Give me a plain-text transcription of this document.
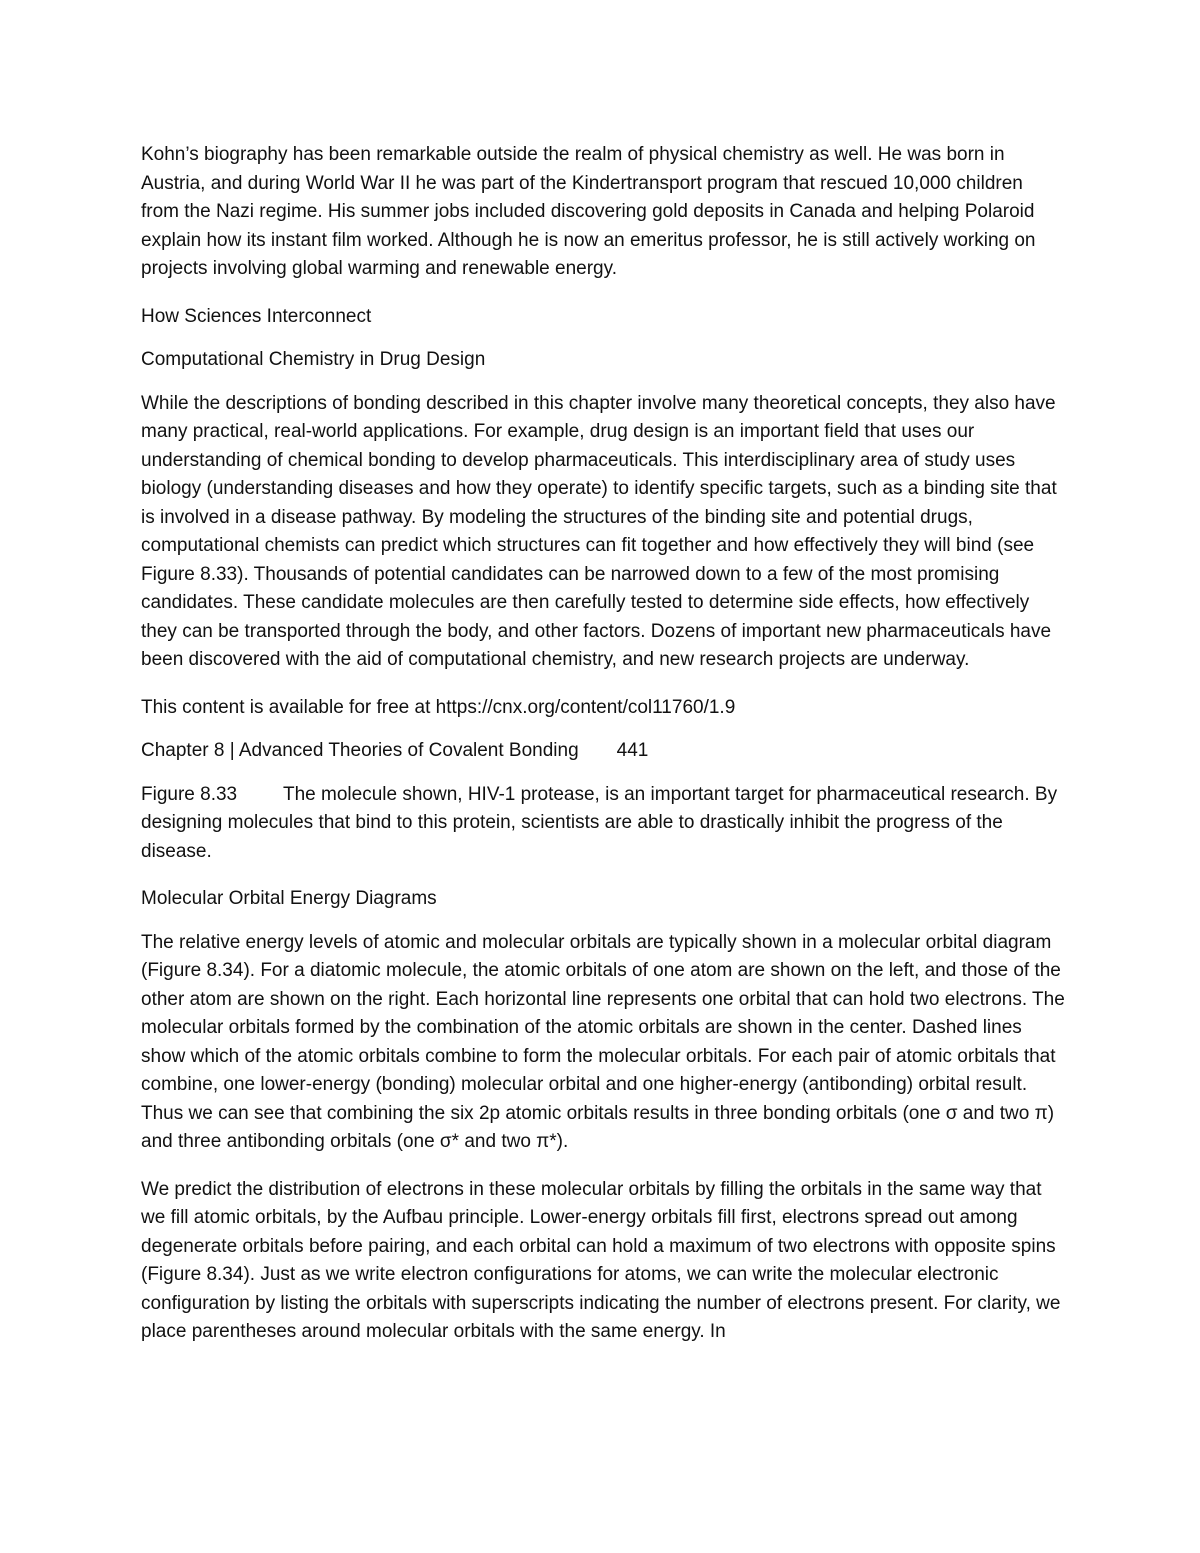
Kohn’s biography has been remarkable outside the realm of physical chemistry as well. He was born in Austria, and during World War II he was part of the Kindertransport program that rescued 10,000 children from the Nazi regime. His summer jobs included discovering gold deposits in Canada and helping Polaroid explain how its instant film worked. Although he is now an emeritus professor, he is still actively working on projects involving global warming and renewable energy.

How Sciences Interconnect

Computational Chemistry in Drug Design

While the descriptions of bonding described in this chapter involve many theoretical concepts, they also have many practical, real-world applications. For example, drug design is an important field that uses our understanding of chemical bonding to develop pharmaceuticals. This interdisciplinary area of study uses biology (understanding diseases and how they operate) to identify specific targets, such as a binding site that is involved in a disease pathway. By modeling the structures of the binding site and potential drugs, computational chemists can predict which structures can fit together and how effectively they will bind (see Figure 8.33). Thousands of potential candidates can be narrowed down to a few of the most promising candidates. These candidate molecules are then carefully tested to determine side effects, how effectively they can be transported through the body, and other factors. Dozens of important new pharmaceuticals have been discovered with the aid of computational chemistry, and new research projects are underway.

This content is available for free at https://cnx.org/content/col11760/1.9

Chapter 8 | Advanced Theories of Covalent Bonding 441

Figure 8.33 The molecule shown, HIV-1 protease, is an important target for pharmaceutical research. By designing molecules that bind to this protein, scientists are able to drastically inhibit the progress of the disease.

Molecular Orbital Energy Diagrams

The relative energy levels of atomic and molecular orbitals are typically shown in a molecular orbital diagram (Figure 8.34). For a diatomic molecule, the atomic orbitals of one atom are shown on the left, and those of the other atom are shown on the right. Each horizontal line represents one orbital that can hold two electrons. The molecular orbitals formed by the combination of the atomic orbitals are shown in the center. Dashed lines show which of the atomic orbitals combine to form the molecular orbitals. For each pair of atomic orbitals that combine, one lower-energy (bonding) molecular orbital and one higher-energy (antibonding) orbital result. Thus we can see that combining the six 2p atomic orbitals results in three bonding orbitals (one σ and two π) and three antibonding orbitals (one σ* and two π*).

We predict the distribution of electrons in these molecular orbitals by filling the orbitals in the same way that we fill atomic orbitals, by the Aufbau principle. Lower-energy orbitals fill first, electrons spread out among degenerate orbitals before pairing, and each orbital can hold a maximum of two electrons with opposite spins (Figure 8.34). Just as we write electron configurations for atoms, we can write the molecular electronic configuration by listing the orbitals with superscripts indicating the number of electrons present. For clarity, we place parentheses around molecular orbitals with the same energy. In
